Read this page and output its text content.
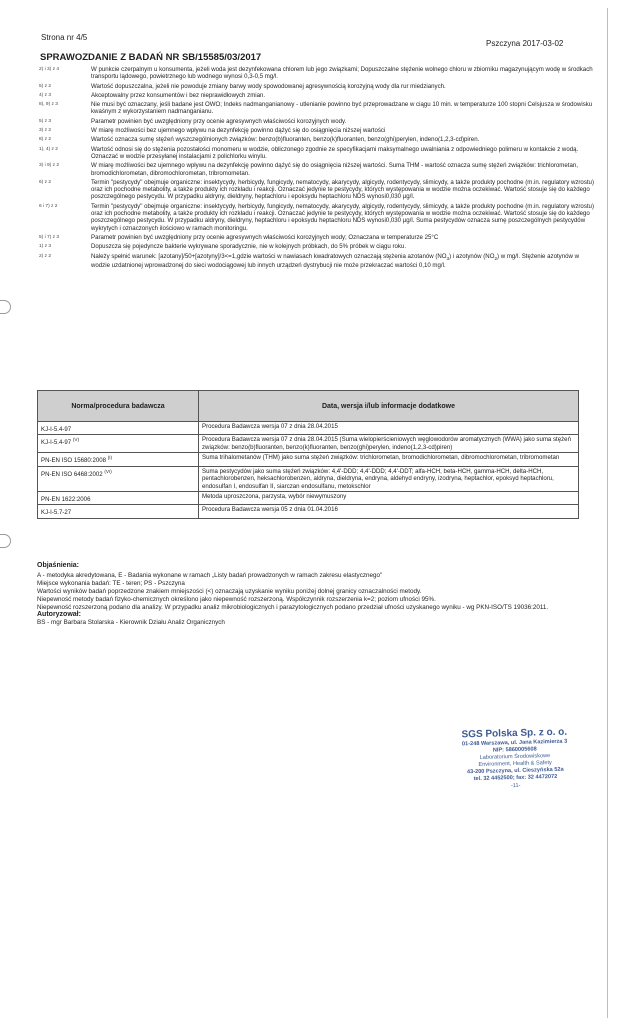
Strona nr 4/5
Pszczyna 2017-03-02
SPRAWOZDANIE Z BADAŃ NR SB/15585/03/2017
2) i 3) z 4	W punkcie czerpalnym u konsumenta, jeżeli woda jest dezynfekowana chlorem lub jego związkami; Dopuszczalne stężenie wolnego chloru w zbiorniku magazynującym wodę w środkach transportu lądowego, powietrznego lub wodnego wynosi 0,3-0,5 mg/l.
5) z 2	Wartość dopuszczalna, jeżeli nie powoduje zmiany barwy wody spowodowanej agresywnością korozyjną wody dla rur miedzianych.
4) z 3	Akceptowalny przez konsumentów i bez nieprawidłowych zmian.
8), 9) z 3	Nie musi być oznaczany, jeśli badane jest OWO; Indeks nadmanganianowy - utlenianie powinno być przeprowadzane w ciągu 10 min. w temperaturze 100 stopni Celsjusza w środowisku kwaśnym z wykorzystaniem nadmanganianu.
5) z 3	Parametr powinien być uwzględniony przy ocenie agresywnych właściwości korozyjnych wody.
3) z 2	W miarę możliwości bez ujemnego wpływu na dezynfekcję powinno dążyć się do osiągnięcia niższej wartości
8) z 2	Wartość oznacza sumę stężeń wyszczególnionych związków: benzo(b)fluoranten, benzo(k)fluoranten, benzo(ghi)perylen, indeno(1,2,3-cd)piren.
1), 4) z 2	Wartość odnosi się do stężenia pozostałości monomeru w wodzie, obliczonego zgodnie ze specyfikacjami maksymalnego uwalniania z odpowiedniego polimeru w kontakcie z wodą. Oznaczać w wodzie przesyłanej instalacjami z polichlorku winylu.
3) i 9) z 2	W miarę możliwości bez ujemnego wpływu na dezynfekcję powinno dążyć się do osiągnięcia niższej wartości. Suma THM - wartość oznacza sumę stężeń związków: trichlorometan, bromodichlorometan, dibromochlorometan, tribromometan.
6) z 2	Termin "pestycydy" obejmuje organiczne: insektycydy, herbicydy, fungicydy, nematocydy, akarycydy, algicydy, rodentycydy, slimicydy, a także produkty pochodne (m.in. regulatory wzrostu) oraz ich pochodne metabolity, a także produkty ich rozkładu i reakcji. Oznaczać jedynie te pestycydy, których występowania w wodzie można oczekiwać. Wartość stosuje się do każdego poszczególnego pestycydu. W przypadku aldryny, dieldryny, heptachloru i epoksydu heptachloru NDS wynosi0,030 µg/l.
6 i 7) z 2	Termin "pestycydy" obejmuje organiczne: insektycydy, herbicydy, fungicydy, nematocydy, akarycydy, algicydy, rodentycydy, slimicydy, a także produkty pochodne (m.in. regulatory wzrostu) oraz ich pochodne metabolity, a także produkty ich rozkładu i reakcji. Oznaczać jedynie te pestycydy, których występowania w wodzie można oczekiwać. Wartość stosuje się do każdego poszczególnego pestycydu. W przypadku aldryny, dieldryny, heptachloru i epoksydu heptachloru NDS wynosi0,030 µg/l. Suma pestycydów oznacza sumę poszczególnych pestycydów wykrytych i oznaczonych ilościowo w ramach monitoringu.
5) i 7) z 3	Parametr powinien być uwzględniony przy ocenie agresywnych właściwości korozyjnych wody; Oznaczana w temperaturze 25°C
1) z 3	Dopuszcza się pojedyncze bakterie wykrywane sporadycznie, nie w kolejnych próbkach, do 5% próbek w ciągu roku.
2) z 2	Należy spełnić warunek: [azotany]/50+[azotyny]/3<=1,gdzie wartości w nawiasach kwadratowych oznaczają stężenia azotanów $(NO_3)$ i azotynów $(NO_2)$ w mg/l. Stężenie azotynów w wodzie uzdatnionej wprowadzonej do sieci wodociągowej lub innych urządzeń dystrybucji nie może przekraczać wartości 0,10 mg/l.
Norma/procedura badawcza	Data, wersja i/lub informacje dodatkowe
KJ-I-5.4-97	Procedura Badawcza wersja 07 z dnia 28.04.2015
KJ-I-5.4-97 $^{(V)}$	Procedura Badawcza wersja 07 z dnia 28.04.2015 (Suma wielopierścieniowych węglowodorów aromatycznych (WWA) jako suma stężeń związków: benzo(b)fluoranten, benzo(k)fluoranten, benzo(ghi)perylen, indeno(1,2,3-cd)piren)
PN-EN ISO 15680:2008 $^{(I)}$	Suma trihalometanów (THM) jako suma stężeń związków: trichlorometan, bromodichlorometan, dibromochlorometan, tribromometan
PN-EN ISO 6468:2002 $^{(VI)}$	Suma pestycydów jako suma stężeń związków: 4,4'-DDD; 4,4'-DDD; 4,4'-DDT; alfa-HCH, beta-HCH, gamma-HCH, delta-HCH, pentachlorobenzen, heksachlorobenzen, aldryna, dieldryna, endryna, aldehyd endryny, izodryna, heptachlor, epoksyd heptachloru, endosulfan I, endosulfan II, siarczan endosulfanu, metokschlor
PN-EN 1622:2006	Metoda uproszczona, parzysta, wybór niewymuszony
KJ-I-5.7-27	Procedura Badawcza wersja 05 z dnia 01.04.2016
Objaśnienia:
A - metodyka akredytowana, E - Badania wykonane w ramach „Listy badań prowadzonych w ramach zakresu elastycznego"
Miejsce wykonania badań: TE - teren; PS - Pszczyna
Wartości wyników badań poprzedzone znakiem mniejszości (<) oznaczają uzyskanie wyniku poniżej dolnej granicy oznaczalności metody.
Niepewność metody badań fizyko-chemicznych określono jako niepewność rozszerzoną. Współczynnik rozszerzenia k=2; poziom ufności 95%.
Niepewność rozszerzoną podano dla analizy. W przypadku analiz mikrobiologicznych i parazytologicznych podano przedział ufności uzyskanego wyniku - wg PKN-ISO/TS 19036:2011.
Autoryzował:
BS - mgr Barbara Stolarska - Kierownik Działu Analiz Organicznych
SGS Polska Sp. z o. o.
01-248 Warszawa, ul. Jana Kazimierza 3
NIP: 5860005608
Laboratorium Środowiskowe
Environment, Health & Safety
43-200 Pszczyna, ul. Cieszyńska 52a
tel. 32 4452500; fax: 32 4472072
-11-
